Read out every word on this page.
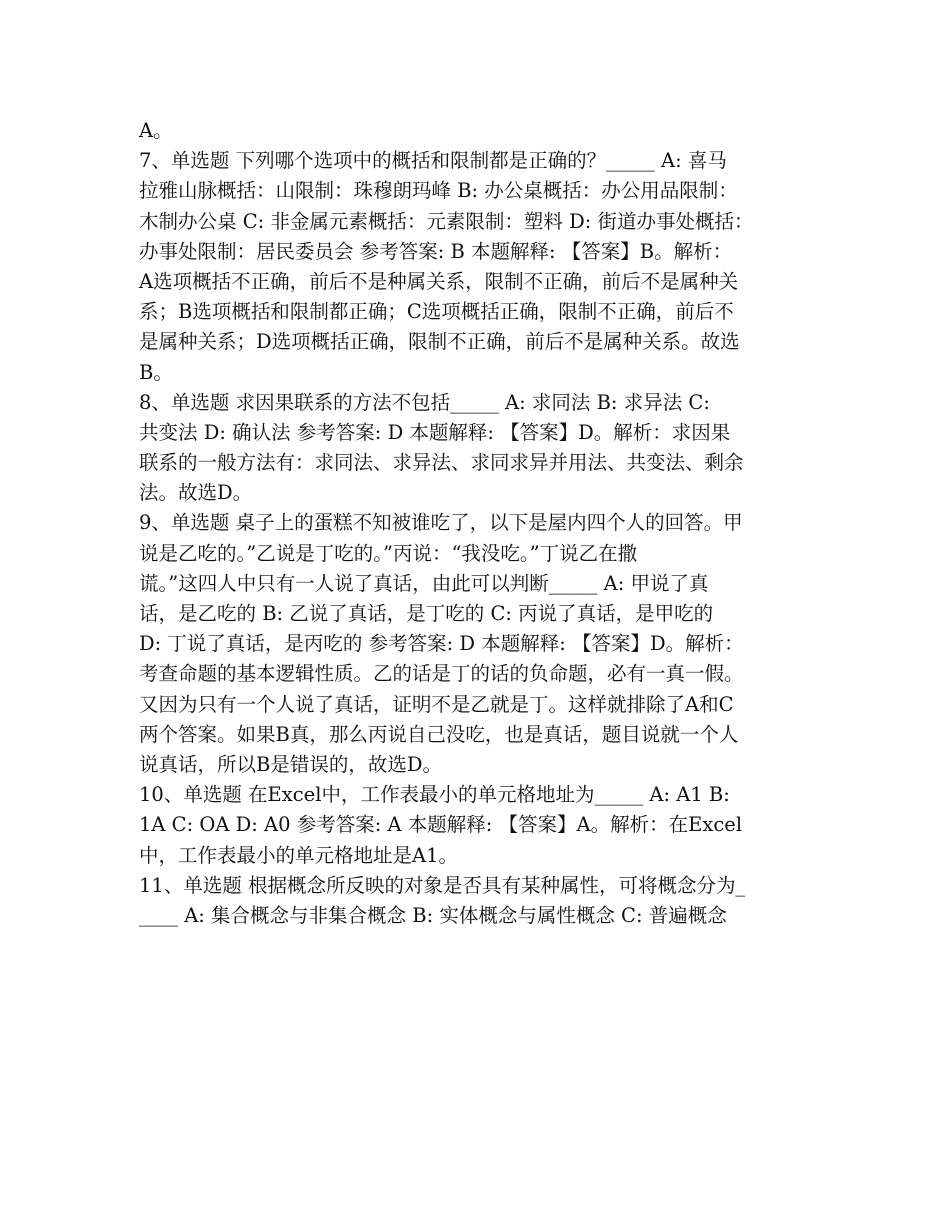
A。
7、单选题 下列哪个选项中的概括和限制都是正确的？_____ A: 喜马
拉雅山脉概括：山限制：珠穆朗玛峰 B: 办公桌概括：办公用品限制：
木制办公桌 C: 非金属元素概括：元素限制：塑料 D: 街道办事处概括：
办事处限制：居民委员会 参考答案: B 本题解释: 【答案】B。解析：
A选项概括不正确，前后不是种属关系，限制不正确，前后不是属种关
系；B选项概括和限制都正确；C选项概括正确，限制不正确，前后不
是属种关系；D选项概括正确，限制不正确，前后不是属种关系。故选
B。
8、单选题 求因果联系的方法不包括_____ A: 求同法 B: 求异法 C:
共变法 D: 确认法 参考答案: D 本题解释: 【答案】D。解析：求因果
联系的一般方法有：求同法、求异法、求同求异并用法、共变法、剩余
法。故选D。
9、单选题 桌子上的蛋糕不知被谁吃了，以下是屋内四个人的回答。甲
说是乙吃的。”乙说是丁吃的。”丙说：“我没吃。”丁说乙在撒
谎。”这四人中只有一人说了真话，由此可以判断_____ A: 甲说了真
话，是乙吃的 B: 乙说了真话，是丁吃的 C: 丙说了真话，是甲吃的
D: 丁说了真话，是丙吃的 参考答案: D 本题解释: 【答案】D。解析：
考查命题的基本逻辑性质。乙的话是丁的话的负命题，必有一真一假。
又因为只有一个人说了真话，证明不是乙就是丁。这样就排除了A和C
两个答案。如果B真，那么丙说自己没吃，也是真话，题目说就一个人
说真话，所以B是错误的，故选D。
10、单选题 在Excel中，工作表最小的单元格地址为_____ A: A1 B:
1A C: OA D: A0 参考答案: A 本题解释: 【答案】A。解析：在Excel
中，工作表最小的单元格地址是A1。
11、单选题 根据概念所反映的对象是否具有某种属性，可将概念分为_
____ A: 集合概念与非集合概念 B: 实体概念与属性概念 C: 普遍概念
